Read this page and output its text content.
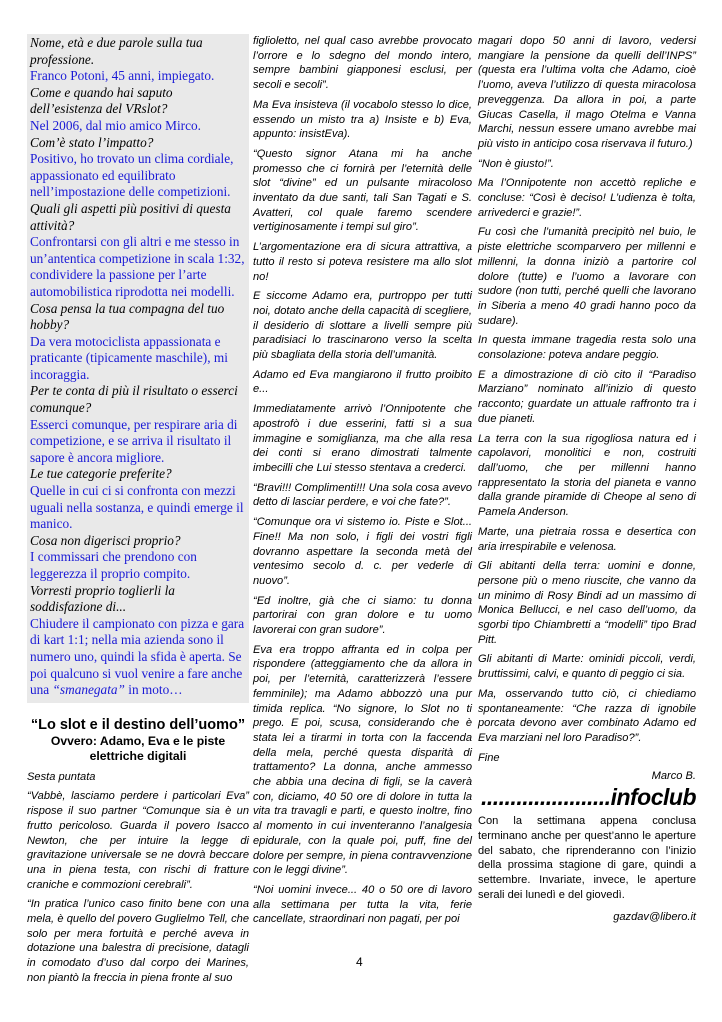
Nome, età e due parole sulla tua professione.

Franco Potoni, 45 anni, impiegato.

Come e quando hai saputo dell’esistenza del VRslot?

Nel 2006, dal mio amico Mirco.

Com’è stato l’impatto?

Positivo, ho trovato un clima cordiale, appassionato ed equilibrato nell’impostazione delle competizioni.

Quali gli aspetti più positivi di questa attività?

Confrontarsi con gli altri e me stesso in un’antentica competizione in scala 1:32, condividere la passione per l’arte automobilistica riprodotta nei modelli.

Cosa pensa la tua compagna del tuo hobby?

Da vera motociclista appassionata e praticante (tipicamente maschile), mi incoraggia.

Per te conta di più il risultato o esserci comunque?

Esserci comunque, per respirare aria di competizione, e se arriva il risultato il sapore è ancora migliore.

Le tue categorie preferite?

Quelle in cui ci si confronta con mezzi uguali nella sostanza, e quindi emerge il manico.

Cosa non digerisci proprio?

I commissari che prendono con leggerezza il proprio compito.

Vorresti proprio toglierli la soddisfazione di...

Chiudere il campionato con pizza e gara di kart 1:1; nella mia azienda sono il numero uno, quindi la sfida è aperta. Se poi qualcuno si vuol venire a fare anche una “smanegata” in moto…

“Lo slot e il destino dell’uomo”
Ovvero: Adamo, Eva e le piste elettriche digitali

Sesta puntata

“Vabbè, lasciamo perdere i particolari Eva” rispose il suo partner “Comunque sia è un frutto pericoloso. Guarda il povero Isacco Newton, che per intuire la legge di gravitazione universale se ne dovrà beccare una in piena testa, con rischi di fratture craniche e commozioni cerebrali”.

“In pratica l’unico caso finito bene con una mela, è quello del povero Guglielmo Tell, che solo per mera fortuità e perché aveva in dotazione una balestra di precisione, datagli in comodato d’uso dal corpo dei Marines, non piantò la freccia in piena fronte al suo

figlioletto, nel qual caso avrebbe provocato l’orrore e lo sdegno del mondo intero, sempre bambini giapponesi esclusi, per secoli e secoli”.

Ma Eva insisteva (il vocabolo stesso lo dice, essendo un misto tra a) Insiste e b) Eva, appunto: insistEva).

“Questo signor Atana mi ha anche promesso che ci fornirà per l’eternità delle slot “divine” ed un pulsante miracoloso inventato da due santi, tali San Tagati e S. Avatteri, col quale faremo scendere vertiginosamente i tempi sul giro”.

L’argomentazione era di sicura attrattiva, a tutto il resto si poteva resistere ma allo slot no!

E siccome Adamo era, purtroppo per tutti noi, dotato anche della capacità di scegliere, il desiderio di slottare a livelli sempre più paradisiaci lo trascinarono verso la scelta più sbagliata della storia dell’umanità.

Adamo ed Eva mangiarono il frutto proibito e...

Immediatamente arrivò l’Onnipotente che apostrofò i due esserini, fatti sì a sua immagine e somiglianza, ma che alla resa dei conti si erano dimostrati talmente imbecilli che Lui stesso stentava a crederci.

“Bravi!!! Complimenti!!! Una sola cosa avevo detto di lasciar perdere, e voi che fate?”.

“Comunque ora vi sistemo io. Piste e Slot... Fine!! Ma non solo, i figli dei vostri figli dovranno aspettare la seconda metà del ventesimo secolo d. c. per vederle di nuovo”.

“Ed inoltre, già che ci siamo: tu donna partorirai con gran dolore e tu uomo lavorerai con gran sudore”.

Eva era troppo affranta ed in colpa per rispondere (atteggiamento che da allora in poi, per l’eternità, caratterizzerà l’essere femminile); ma Adamo abbozzò una pur timida replica. “No signore, lo Slot no ti prego. E poi, scusa, considerando che è stata lei a tirarmi in torta con la faccenda della mela, perché questa disparità di trattamento? La donna, anche ammesso che abbia una decina di figli, se la caverà con, diciamo, 40 50 ore di dolore in tutta la vita tra travagli e parti, e questo inoltre, fino al momento in cui inventeranno l’analgesia epidurale, con la quale poi, puff, fine del dolore per sempre, in piena contravvenzione con le leggi divine”.

“Noi uomini invece... 40 o 50 ore di lavoro alla settimana per tutta la vita, ferie cancellate, straordinari non pagati, per poi

magari dopo 50 anni di lavoro, vedersi mangiare la pensione da quelli dell’INPS” (questa era l’ultima volta che Adamo, cioè l’uomo, aveva l’utilizzo di questa miracolosa preveggenza. Da allora in poi, a parte Giucas Casella, il mago Otelma e Vanna Marchi, nessun essere umano avrebbe mai più visto in anticipo cosa riservava il futuro.)

“Non è giusto!”.

Ma l’Onnipotente non accettò repliche e concluse: “Così è deciso! L’udienza è tolta, arrivederci e grazie!”.

Fu così che l’umanità precipitò nel buio, le piste elettriche scomparvero per millenni e millenni, la donna iniziò a partorire col dolore (tutte) e l’uomo a lavorare con sudore (non tutti, perché quelli che lavorano in Siberia a meno 40 gradi hanno poco da sudare).

In questa immane tragedia resta solo una consolazione: poteva andare peggio.

E a dimostrazione di ciò cito il “Paradiso Marziano” nominato all’inizio di questo racconto; guardate un attuale raffronto tra i due pianeti.

La terra con la sua rigogliosa natura ed i capolavori, monolitici e non, costruiti dall’uomo, che per millenni hanno rappresentato la storia del pianeta e vanno dalla grande piramide di Cheope al seno di Pamela Anderson.

Marte, una pietraia rossa e desertica con aria irrespirabile e velenosa.

Gli abitanti della terra: uomini e donne, persone più o meno riuscite, che vanno da un minimo di Rosy Bindi ad un massimo di Monica Bellucci, e nel caso dell’uomo, da sgorbi tipo Chiambretti a “modelli” tipo Brad Pitt.

Gli abitanti di Marte: ominidi piccoli, verdi, bruttissimi, calvi, e quanto di peggio ci sia.

Ma, osservando tutto ciò, ci chiediamo spontaneamente: “Che razza di ignobile porcata devono aver combinato Adamo ed Eva marziani nel loro Paradiso?”.

Fine

Marco B.

......................infoclub

Con la settimana appena conclusa terminano anche per quest’anno le aperture del sabato, che riprenderanno con l’inizio della prossima stagione di gare, quindi a settembre. Invariate, invece, le aperture serali dei lunedì e del giovedì.

gazdav@libero.it

4
